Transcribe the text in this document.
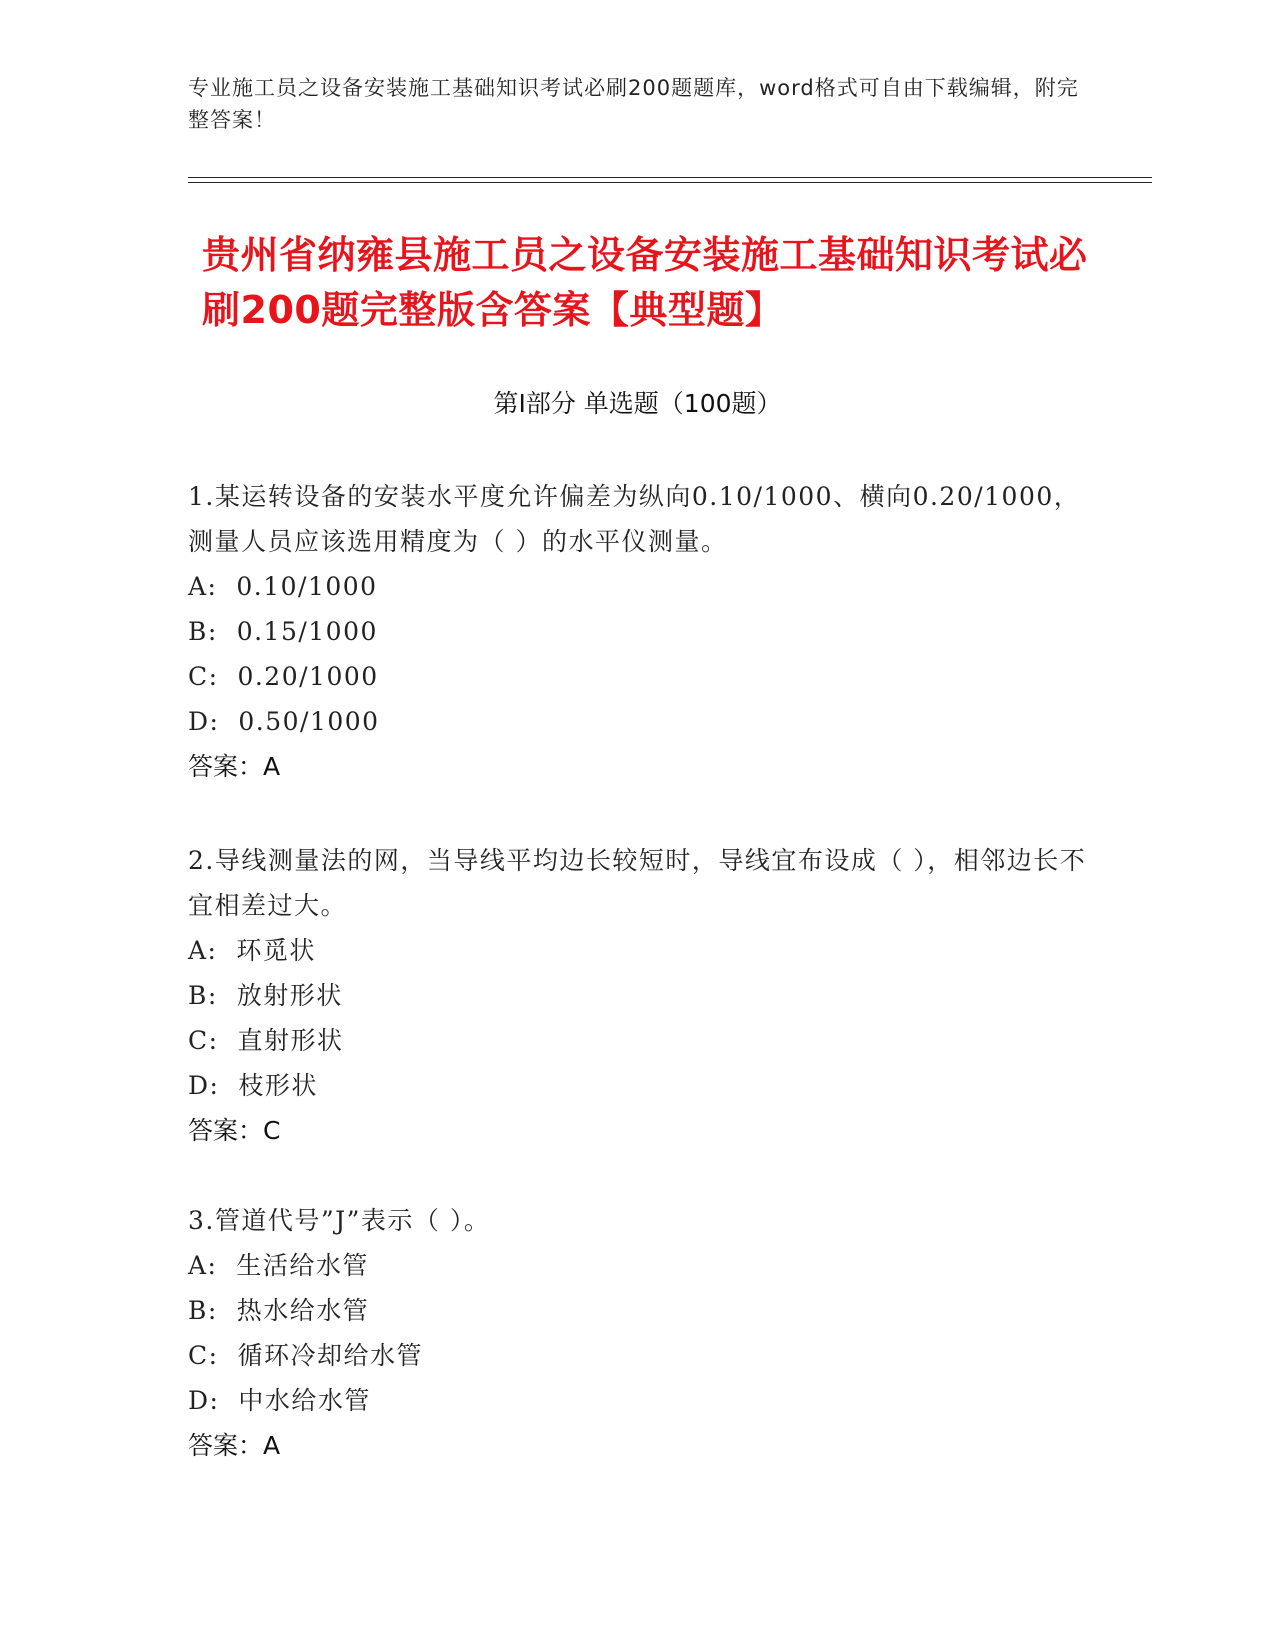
专业施工员之设备安装施工基础知识考试必刷200题题库，word格式可自由下载编辑，附完整答案！
贵州省纳雍县施工员之设备安装施工基础知识考试必刷200题完整版含答案【典型题】
第Ⅰ部分 单选题（100题）
1.某运转设备的安装水平度允许偏差为纵向0.10/1000、横向0.20/1000，测量人员应该选用精度为（ ）的水平仪测量。
A:  0.10/1000
B:  0.15/1000
C:  0.20/1000
D:  0.50/1000
答案：A
2.导线测量法的网，当导线平均边长较短时，导线宜布设成（ ），相邻边长不宜相差过大。
A:  环觅状
B:  放射形状
C:  直射形状
D:  枝形状
答案：C
3.管道代号”J”表示（ ）。
A:  生活给水管
B:  热水给水管
C:  循环冷却给水管
D:  中水给水管
答案：A
